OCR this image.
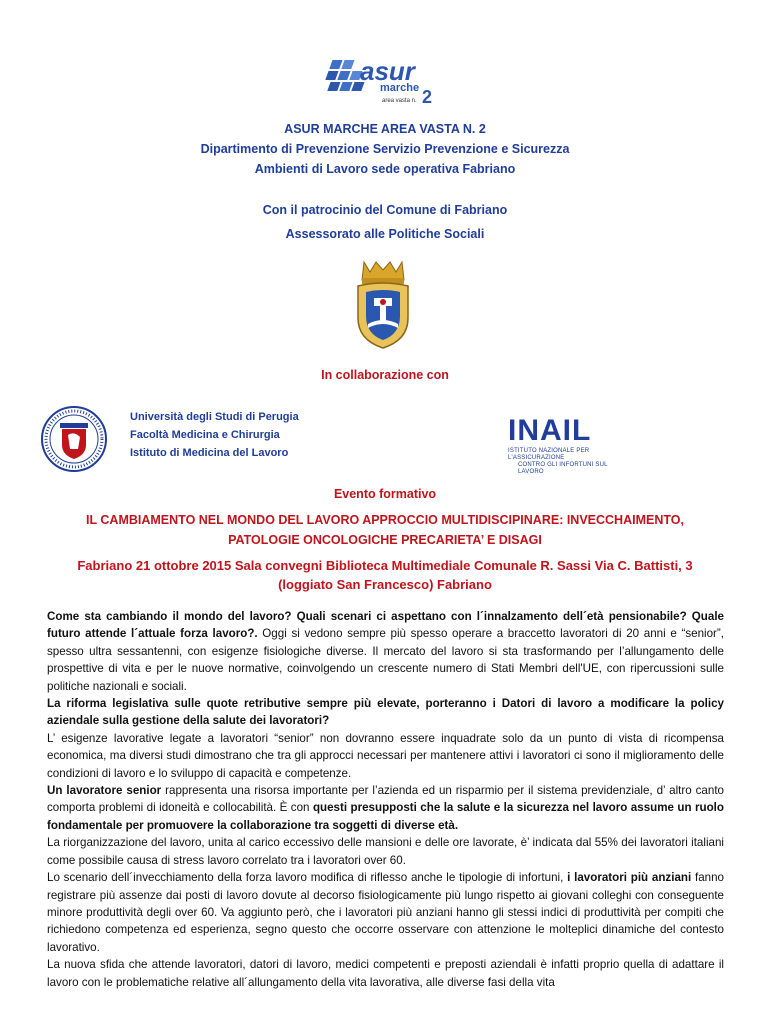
asur
marche
area vasta n. 2
ASUR MARCHE AREA VASTA N. 2
Dipartimento di Prevenzione Servizio Prevenzione e Sicurezza
Ambienti di Lavoro sede operativa Fabriano
Con il patrocinio del Comune di Fabriano
Assessorato alle Politiche Sociali
In collaborazione con
Università degli Studi di Perugia
Facoltà Medicina e Chirurgia
Istituto di Medicina del Lavoro
INAIL
ISTITUTO NAZIONALE PER L'ASSICURAZIONE
CONTRO GLI INFORTUNI SUL LAVORO
Evento formativo
IL CAMBIAMENTO NEL MONDO DEL LAVORO APPROCCIO MULTIDISCIPINARE: INVECCHAIMENTO,
PATOLOGIE ONCOLOGICHE PRECARIETA’ E DISAGI
Fabriano 21 ottobre 2015 Sala convegni Biblioteca Multimediale Comunale R. Sassi Via C. Battisti, 3
(loggiato San Francesco) Fabriano

Come sta cambiando il mondo del lavoro? Quali scenari ci aspettano con l´innalzamento dell´età pensionabile? Quale futuro attende l´attuale forza lavoro?. Oggi si vedono sempre più spesso operare a braccetto lavoratori di 20 anni e “senior”, spesso ultra sessantenni, con esigenze fisiologiche diverse. Il mercato del lavoro si sta trasformando per l’allungamento delle prospettive di vita e per le nuove normative, coinvolgendo un crescente numero di Stati Membri dell'UE, con ripercussioni sulle politiche nazionali e sociali.

La riforma legislativa sulle quote retributive sempre più elevate, porteranno i Datori di lavoro a modificare la policy aziendale sulla gestione della salute dei lavoratori?

L’ esigenze lavorative legate a lavoratori “senior” non dovranno essere inquadrate solo da un punto di vista di ricompensa economica, ma diversi studi dimostrano che tra gli approcci necessari per mantenere attivi i lavoratori ci sono il miglioramento delle condizioni di lavoro e lo sviluppo di capacità e competenze.

Un lavoratore senior rappresenta una risorsa importante per l’azienda ed un risparmio per il sistema previdenziale, d’ altro canto comporta problemi di idoneità e collocabilità. È con questi presupposti che la salute e la sicurezza nel lavoro assume un ruolo fondamentale per promuovere la collaborazione tra soggetti di diverse età.

La riorganizzazione del lavoro, unita al carico eccessivo delle mansioni e delle ore lavorate, è’ indicata dal 55% dei lavoratori italiani come possibile causa di stress lavoro correlato tra i lavoratori over 60.

Lo scenario dell´invecchiamento della forza lavoro modifica di riflesso anche le tipologie di infortuni, i lavoratori più anziani fanno registrare più assenze dai posti di lavoro dovute al decorso fisiologicamente più lungo rispetto ai giovani colleghi con conseguente minore produttività degli over 60. Va aggiunto però, che i lavoratori più anziani hanno gli stessi indici di produttività per compiti che richiedono competenza ed esperienza, segno questo che occorre osservare con attenzione le moltepl‌ici dinamiche del contesto lavorativo.

La nuova sfida che attende lavoratori, datori di lavoro, medici competenti e preposti aziendali è infatti proprio quella di adattare il lavoro con le problematiche relative all´allungamento della vita lavorativa, alle diverse fasi della vita
